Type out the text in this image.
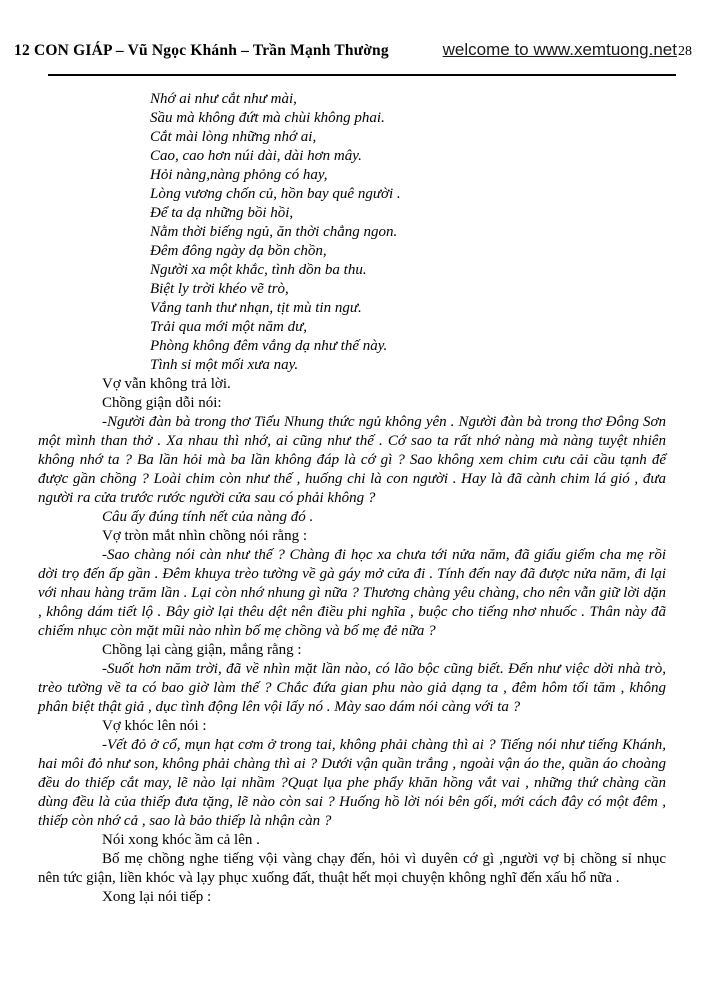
12 CON GIÁP – Vũ Ngọc Khánh – Trần Mạnh Thường	welcome to www.xemtuong.net 28
Nhớ ai như cắt như mài,
Sầu mà không đứt mà chùi không phai.
Cắt mài lòng những nhớ ai,
Cao, cao hơn núi dài, dài hơn mây.
Hỏi nàng,nàng phỏng có hay,
Lòng vương chốn củ, hồn bay quê người .
Để ta dạ những bồi hồi,
Nằm thời biếng ngủ, ăn thời chẳng ngon.
Đêm đông ngày dạ bồn chồn,
Người xa một khắc, tình dồn ba thu.
Biệt ly trời khéo vẽ trò,
Vắng tanh thư nhạn, tịt mù tin ngư.
Trải qua mới một năm dư,
Phòng không đêm vắng dạ như thế này.
Tình si một mối xưa nay.

Vợ vẫn không trả lời.

Chồng giận dỗi nói:

-Người đàn bà trong thơ Tiểu Nhung thức ngủ không yên . Người đàn bà trong thơ Đông Sơn một mình than thở . Xa nhau thì nhớ, ai cũng như thế . Cớ sao ta rất nhớ nàng mà nàng tuyệt nhiên không nhớ ta ? Ba lần hỏi mà ba lần không đáp là cớ gì ? Sao không xem chim cưu cải cầu tạnh để được gần chồng ? Loài chim còn như thế , huống chi là con người . Hay là đã cành chim lá gió , đưa người ra cửa trước rước người cửa sau có phải không ?

Câu ấy đúng tính nết của nàng đó .

Vợ tròn mắt nhìn chồng nói rằng :

-Sao chàng nói càn như thế ? Chàng đi học xa chưa tới nửa năm, đã giấu giếm cha mẹ rồi dời trọ đến ấp gần . Đêm khuya trèo tường về gà gáy mở cửa đi . Tính đến nay đã được nửa năm, đi lại với nhau hàng trăm lần . Lại còn nhớ nhung gì nữa ? Thương chàng yêu chàng, cho nên vẫn giữ lời dặn , không dám tiết lộ . Bây giờ lại thêu dệt nên điều phi nghĩa , buộc cho tiếng nhơ nhuốc . Thân này đã chiếm nhục còn mặt mũi nào nhìn bố mẹ chồng và bố mẹ đẻ nữa ?

Chồng lại càng giận, mắng rằng :

-Suốt hơn năm trời, đã về nhìn mặt lần nào, có lão bộc cũng biết. Đến như việc dời nhà trò, trèo tường về ta có bao giờ làm thế ? Chắc đứa gian phu nào giả dạng ta , đêm hôm tối tăm , không phân biệt thật giả , dục tình động lên vội lấy nó . Mày sao dám nói càng với ta ?

Vợ khóc lên nói :

-Vết đỏ ở cổ, mụn hạt cơm ở trong tai, không phải chàng thì ai ? Tiếng nói như tiếng Khánh, hai môi đỏ như son, không phải chàng thì ai ? Dưới vận quần trắng , ngoài vận áo the, quần áo choàng đều do thiếp cắt may, lẽ nào lại nhầm ?Quạt lụa phe phẩy khăn hồng vắt vai , những thứ chàng cần dùng đều là của thiếp đưa tặng, lẽ nào còn sai ? Huống hồ lời nói bên gối, mới cách đây có một đêm , thiếp còn nhớ cả , sao là bảo thiếp là nhận càn ?

Nói xong khóc ầm cả lên .

Bố mẹ chồng nghe tiếng vội vàng chạy đến, hỏi vì duyên cớ gì ,người vợ bị chồng sỉ nhục nên tức giận, liền khóc và lạy phục xuống đất, thuật hết mọi chuyện không nghĩ đến xấu hổ nữa .

Xong lại nói tiếp :
